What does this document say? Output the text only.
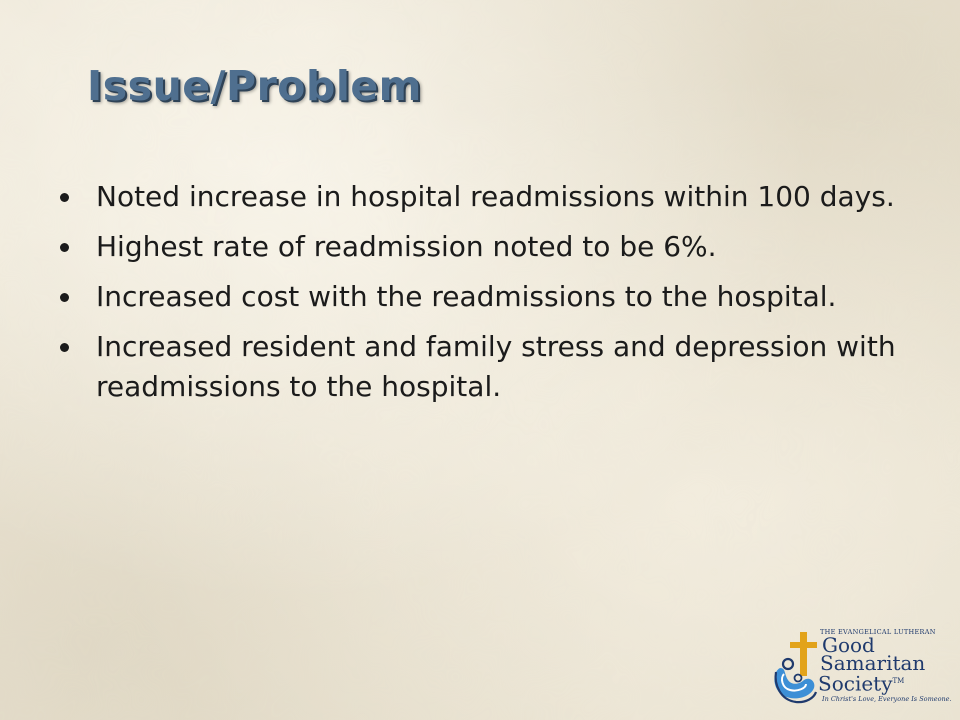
Issue/Problem
Noted increase in hospital readmissions within 100 days.
Highest rate of readmission noted to be 6%.
Increased cost with the readmissions to the hospital.
Increased resident and family stress and depression with readmissions to the hospital.
THE EVANGELICAL LUTHERAN
Good
Samaritan
Society™
In Christ's Love, Everyone Is Someone.
